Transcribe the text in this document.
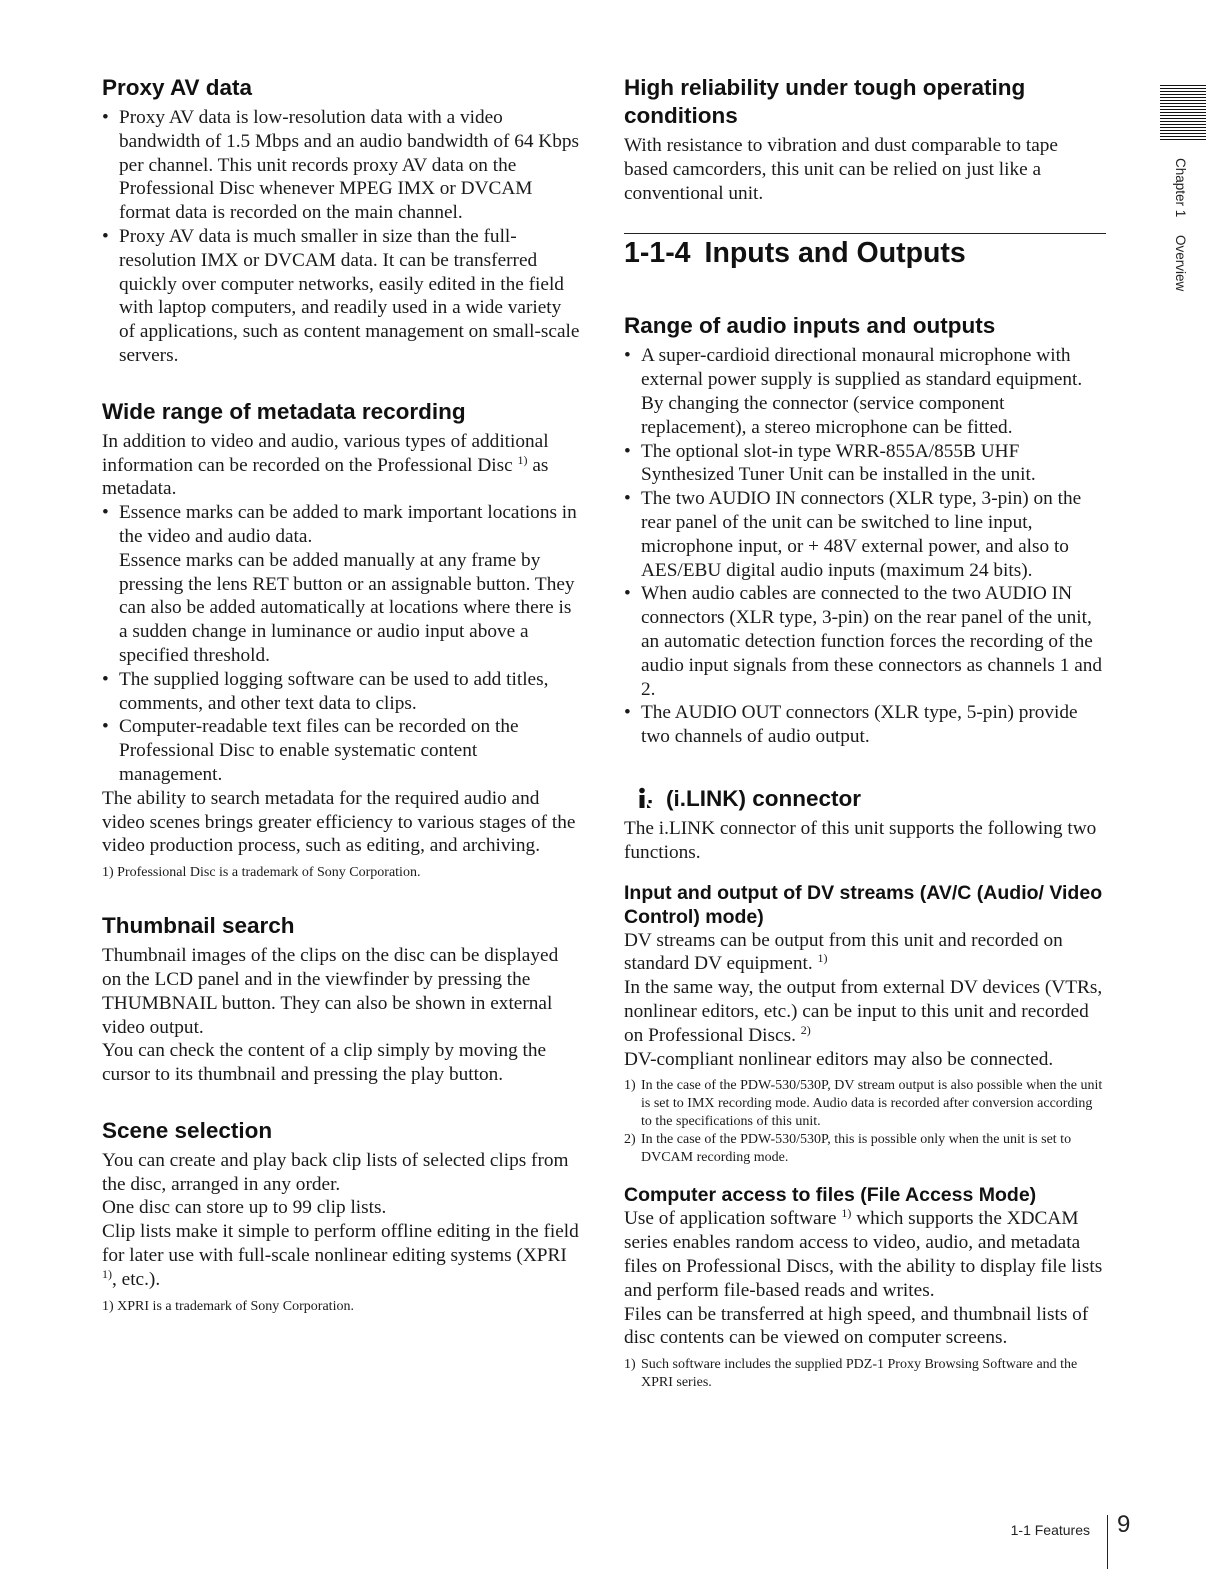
Proxy AV data
• Proxy AV data is low-resolution data with a video bandwidth of 1.5 Mbps and an audio bandwidth of 64 Kbps per channel. This unit records proxy AV data on the Professional Disc whenever MPEG IMX or DVCAM format data is recorded on the main channel.
• Proxy AV data is much smaller in size than the full-resolution IMX or DVCAM data. It can be transferred quickly over computer networks, easily edited in the field with laptop computers, and readily used in a wide variety of applications, such as content management on small-scale servers.
Wide range of metadata recording

In addition to video and audio, various types of additional information can be recorded on the Professional Disc $^{1)}$ as metadata.

• Essence marks can be added to mark important locations in the video and audio data.
Essence marks can be added manually at any frame by pressing the lens RET button or an assignable button. They can also be added automatically at locations where there is a sudden change in luminance or audio input above a specified threshold.
• The supplied logging software can be used to add titles, comments, and other text data to clips.
• Computer-readable text files can be recorded on the Professional Disc to enable systematic content management.

The ability to search metadata for the required audio and video scenes brings greater efficiency to various stages of the video production process, such as editing, and archiving.

1) Professional Disc is a trademark of Sony Corporation.

Thumbnail search

Thumbnail images of the clips on the disc can be displayed on the LCD panel and in the viewfinder by pressing the THUMBNAIL button. They can also be shown in external video output.

You can check the content of a clip simply by moving the cursor to its thumbnail and pressing the play button.

Scene selection

You can create and play back clip lists of selected clips from the disc, arranged in any order.

One disc can store up to 99 clip lists.

Clip lists make it simple to perform offline editing in the field for later use with full-scale nonlinear editing systems (XPRI $^{1)}$, etc.).

1) XPRI is a trademark of Sony Corporation.

High reliability under tough operating conditions

With resistance to vibration and dust comparable to tape based camcorders, this unit can be relied on just like a conventional unit.

1-1-4 Inputs and Outputs
Range of audio inputs and outputs
• A super-cardioid directional monaural microphone with external power supply is supplied as standard equipment. By changing the connector (service component replacement), a stereo microphone can be fitted.
• The optional slot-in type WRR-855A/855B UHF Synthesized Tuner Unit can be installed in the unit.
• The two AUDIO IN connectors (XLR type, 3-pin) on the rear panel of the unit can be switched to line input, microphone input, or + 48V external power, and also to AES/EBU digital audio inputs (maximum 24 bits).
• When audio cables are connected to the two AUDIO IN connectors (XLR type, 3-pin) on the rear panel of the unit, an automatic detection function forces the recording of the audio input signals from these connectors as channels 1 and 2.
• The AUDIO OUT connectors (XLR type, 5-pin) provide two channels of audio output.
(i.LINK) connector

The i.LINK connector of this unit supports the following two functions.

Input and output of DV streams (AV/C (Audio/ Video Control) mode)

DV streams can be output from this unit and recorded on standard DV equipment. $^{1)}$

In the same way, the output from external DV devices (VTRs, nonlinear editors, etc.) can be input to this unit and recorded on Professional Discs. $^{2)}$

DV-compliant nonlinear editors may also be connected.

1) In the case of the PDW-530/530P, DV stream output is also possible when the unit is set to IMX recording mode. Audio data is recorded after conversion according to the specifications of this unit.
2) In the case of the PDW-530/530P, this is possible only when the unit is set to DVCAM recording mode.
Computer access to files (File Access Mode)

Use of application software $^{1)}$ which supports the XDCAM series enables random access to video, audio, and metadata files on Professional Discs, with the ability to display file lists and perform file-based reads and writes.

Files can be transferred at high speed, and thumbnail lists of disc contents can be viewed on computer screens.

1) Such software includes the supplied PDZ-1 Proxy Browsing Software and the XPRI series.
Chapter 1 Overview
1-1 Features 9
